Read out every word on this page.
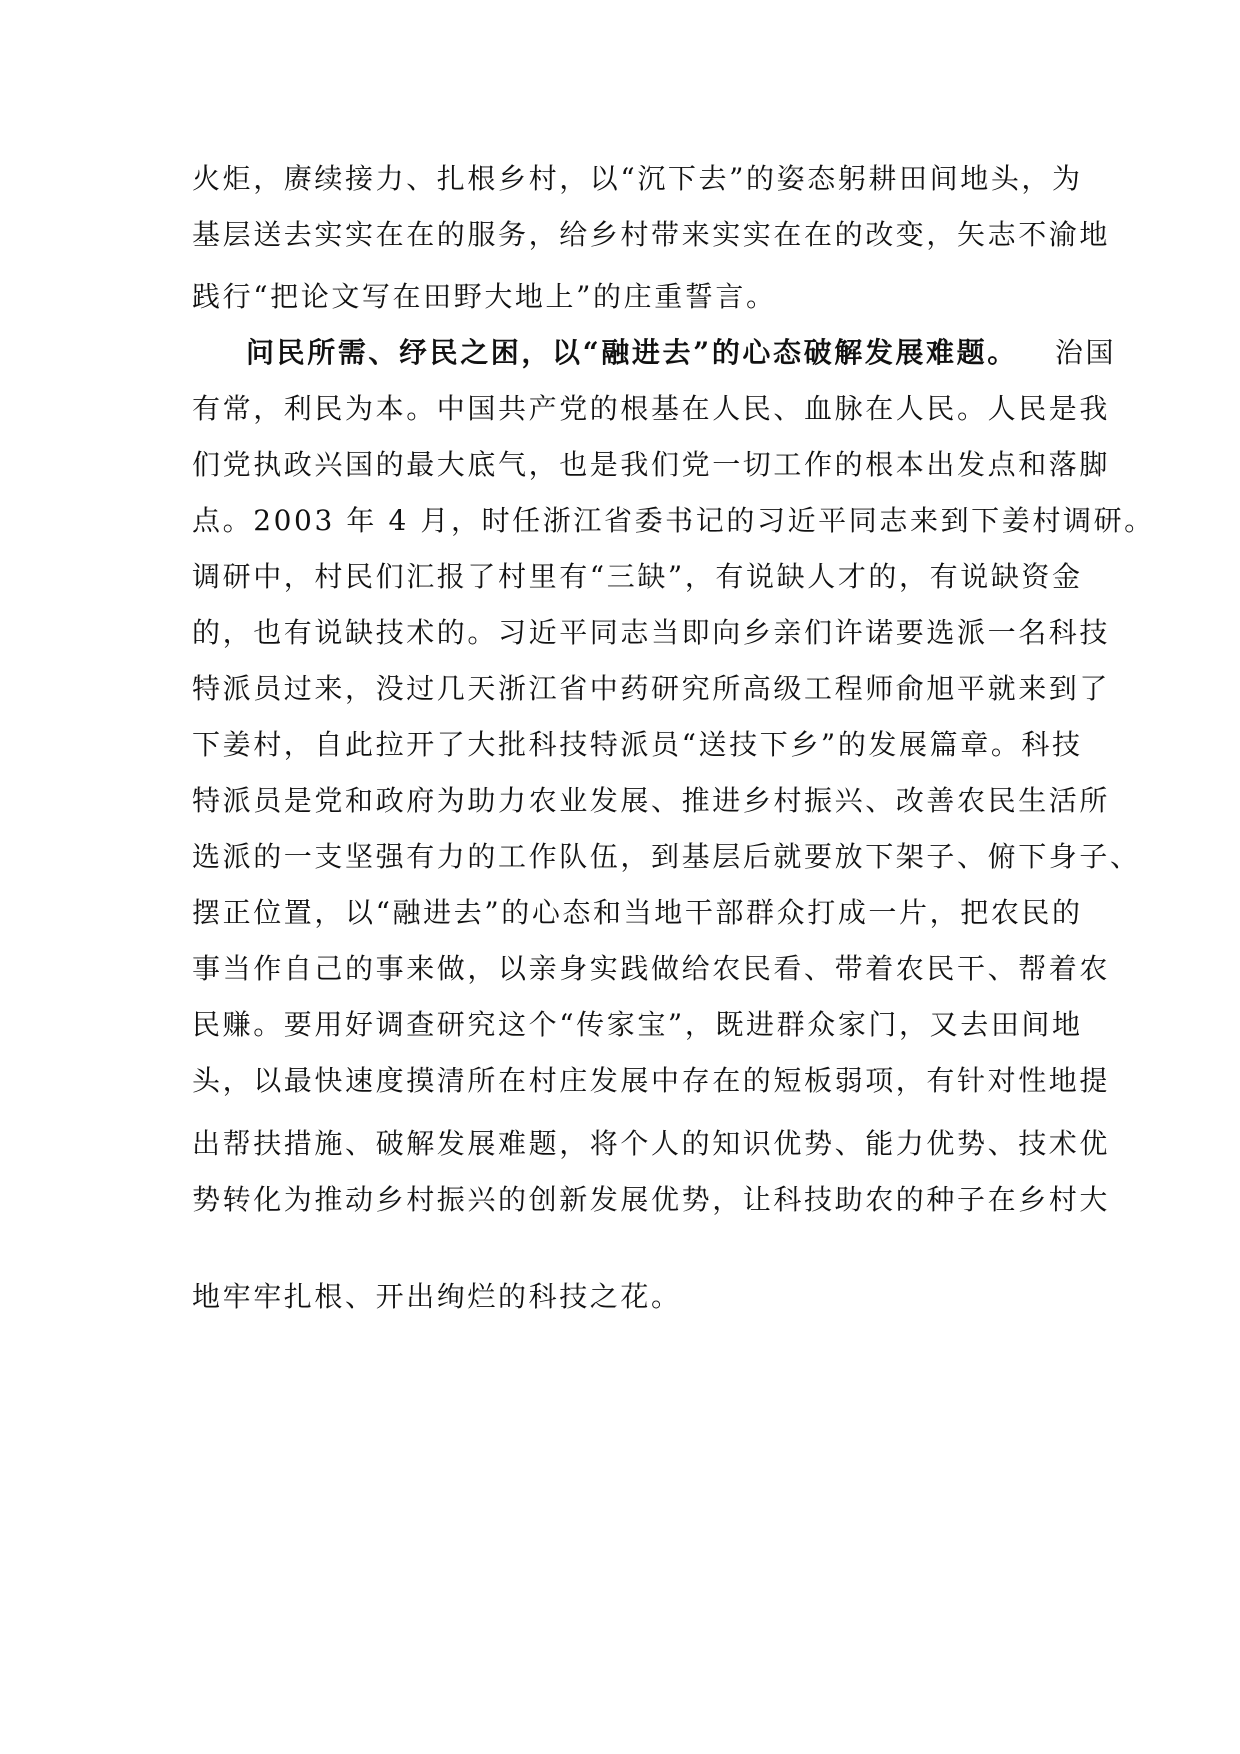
火炬，赓续接力、扎根乡村，以“沉下去”的姿态躬耕田间地头，为
基层送去实实在在的服务，给乡村带来实实在在的改变，矢志不渝地
践行“把论文写在田野大地上”的庄重誓言。
问民所需、纾民之困，以“融进去”的心态破解发展难题。 治国
有常，利民为本。中国共产党的根基在人民、血脉在人民。人民是我
们党执政兴国的最大底气，也是我们党一切工作的根本出发点和落脚
点。2003 年 4 月，时任浙江省委书记的习近平同志来到下姜村调研。
调研中，村民们汇报了村里有“三缺”，有说缺人才的，有说缺资金
的，也有说缺技术的。习近平同志当即向乡亲们许诺要选派一名科技
特派员过来，没过几天浙江省中药研究所高级工程师俞旭平就来到了
下姜村，自此拉开了大批科技特派员“送技下乡”的发展篇章。科技
特派员是党和政府为助力农业发展、推进乡村振兴、改善农民生活所
选派的一支坚强有力的工作队伍，到基层后就要放下架子、俯下身子、
摆正位置，以“融进去”的心态和当地干部群众打成一片，把农民的
事当作自己的事来做，以亲身实践做给农民看、带着农民干、帮着农
民赚。要用好调查研究这个“传家宝”，既进群众家门，又去田间地
头，以最快速度摸清所在村庄发展中存在的短板弱项，有针对性地提
出帮扶措施、破解发展难题，将个人的知识优势、能力优势、技术优
势转化为推动乡村振兴的创新发展优势，让科技助农的种子在乡村大
地牢牢扎根、开出绚烂的科技之花。
